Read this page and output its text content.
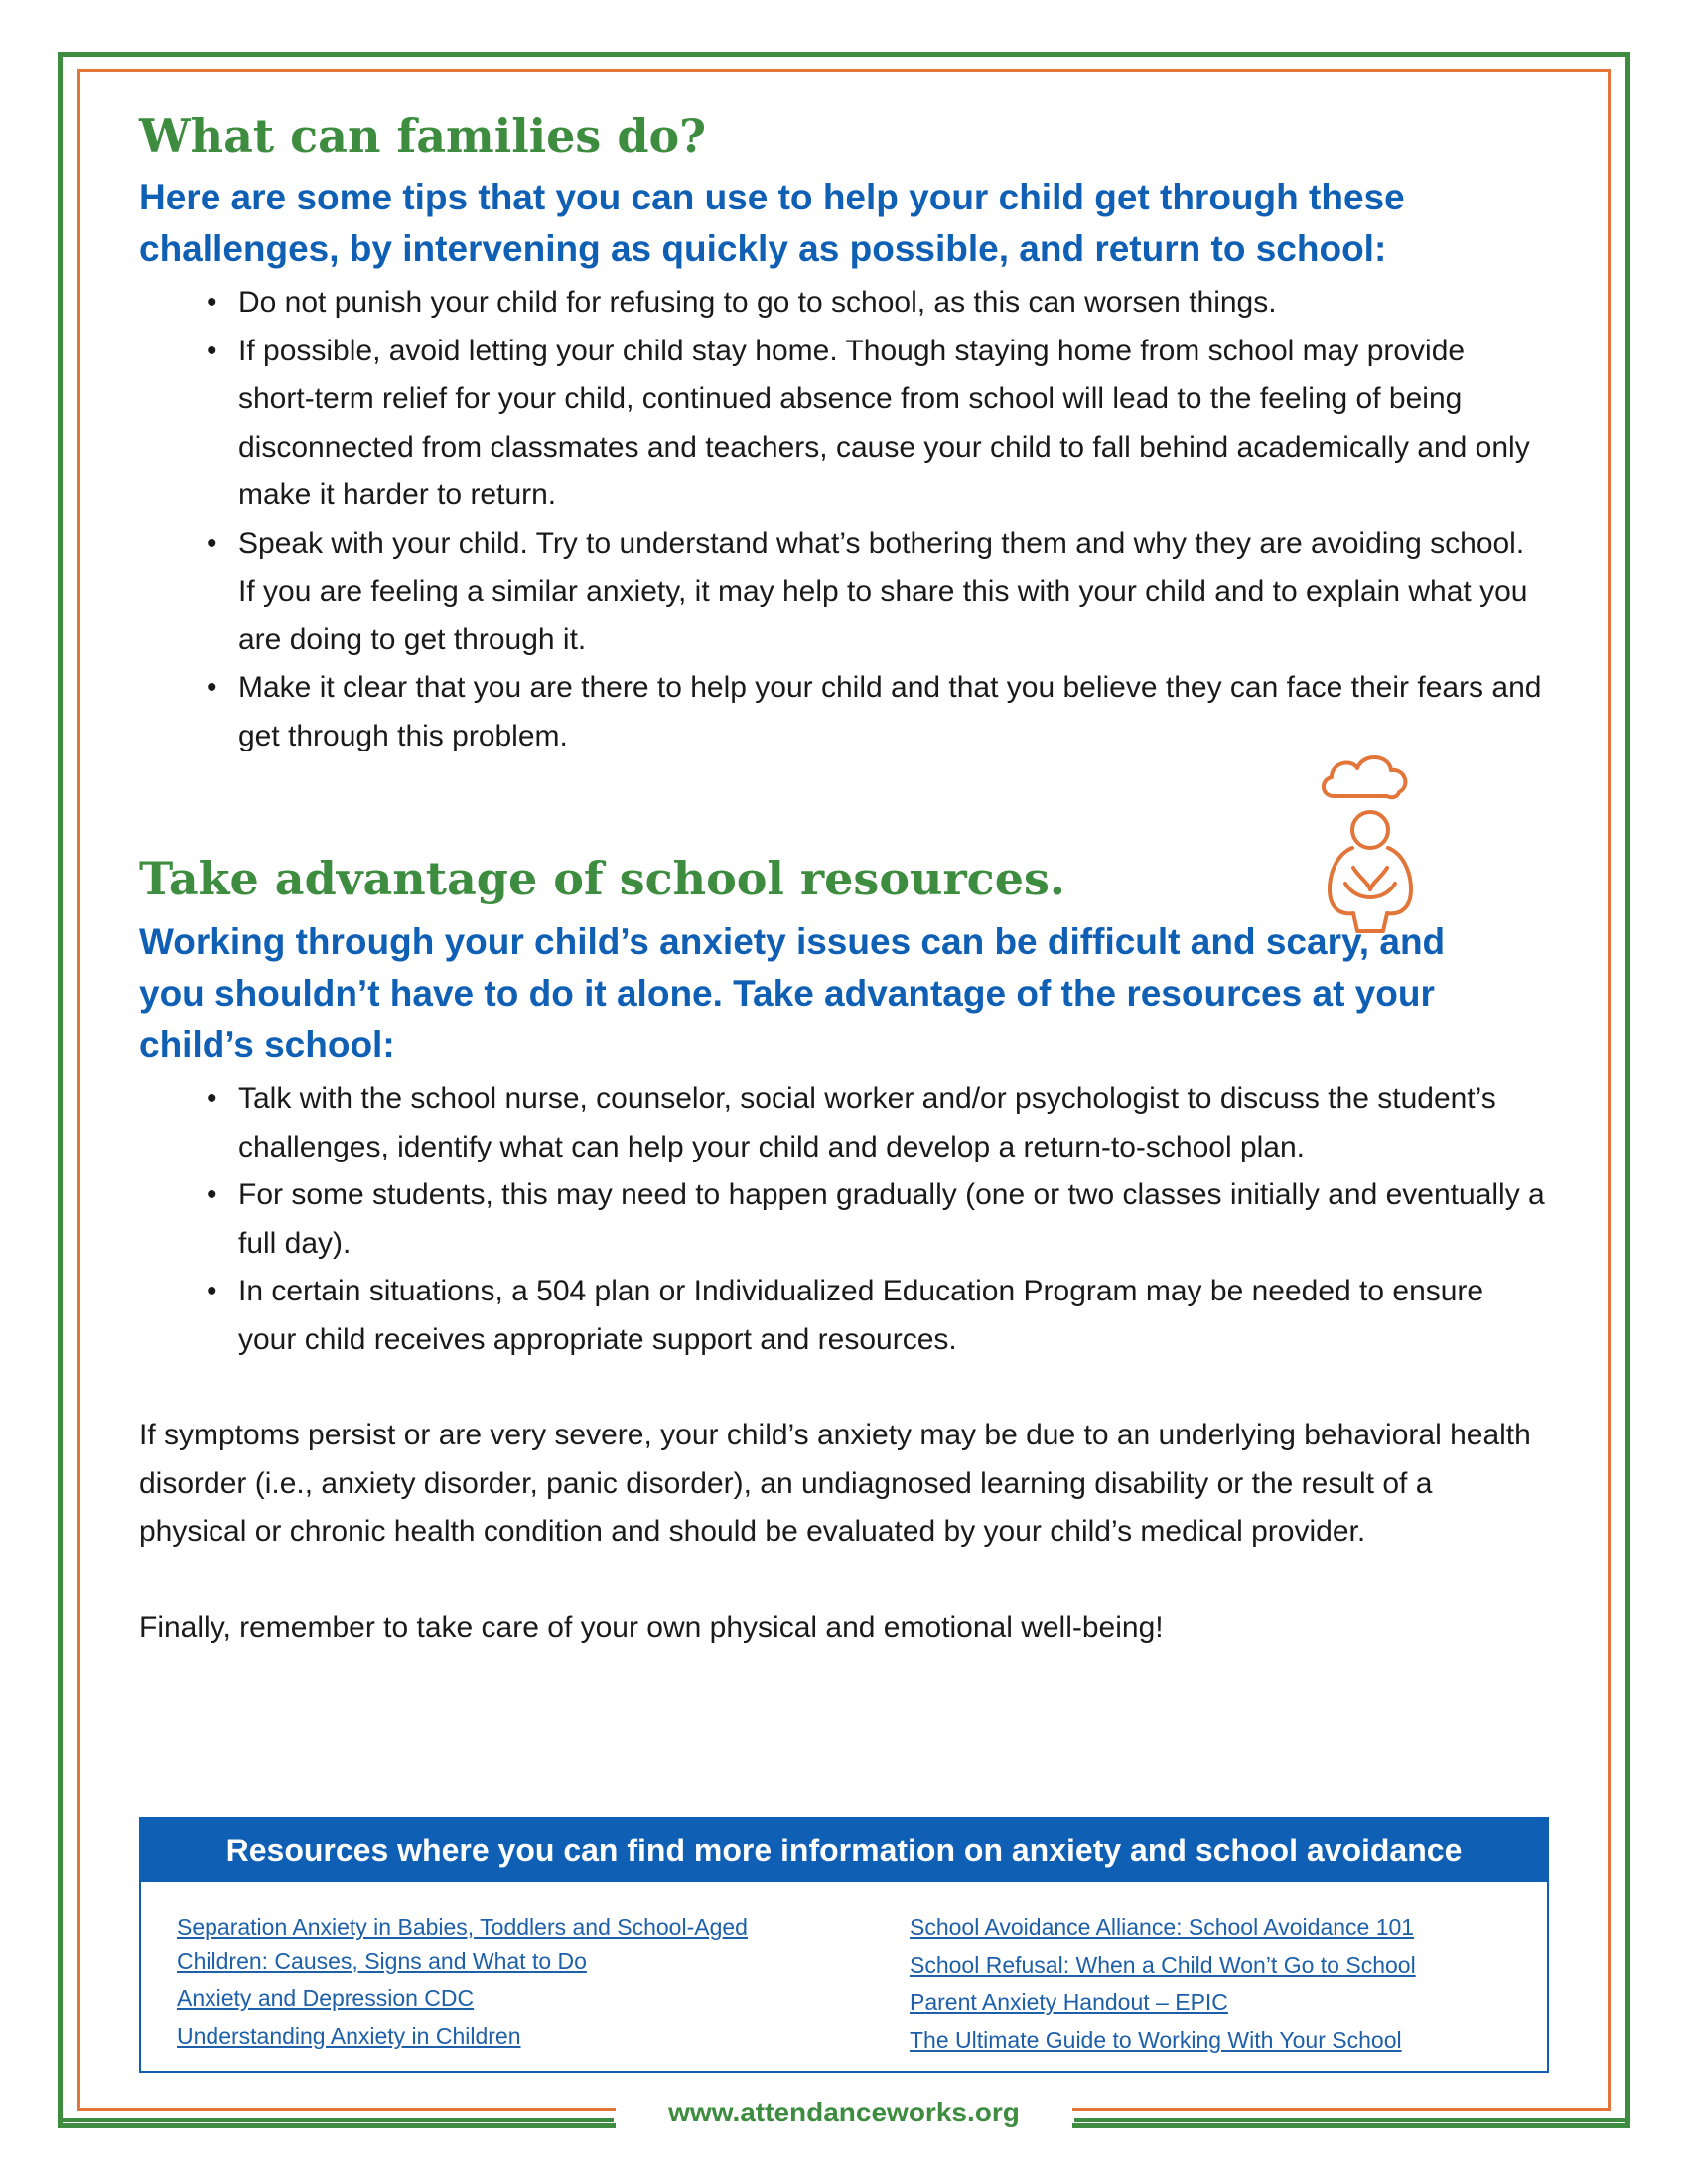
What can families do?

Here are some tips that you can use to help your child get through these challenges, by intervening as quickly as possible, and return to school:

• Do not punish your child for refusing to go to school, as this can worsen things.
• If possible, avoid letting your child stay home. Though staying home from school may provide short-term relief for your child, continued absence from school will lead to the feeling of being disconnected from classmates and teachers, cause your child to fall behind academically and only make it harder to return.
• Speak with your child. Try to understand what’s bothering them and why they are avoiding school. If you are feeling a similar anxiety, it may help to share this with your child and to explain what you are doing to get through it.
• Make it clear that you are there to help your child and that you believe they can face their fears and get through this problem.
Take advantage of school resources.

Working through your child’s anxiety issues can be difficult and scary, and you shouldn’t have to do it alone. Take advantage of the resources at your child’s school:

• Talk with the school nurse, counselor, social worker and/or psychologist to discuss the student’s challenges, identify what can help your child and develop a return-to-school plan.
• For some students, this may need to happen gradually (one or two classes initially and eventually a full day).
• In certain situations, a 504 plan or Individualized Education Program may be needed to ensure your child receives appropriate support and resources.

If symptoms persist or are very severe, your child’s anxiety may be due to an underlying behavioral health disorder (i.e., anxiety disorder, panic disorder), an undiagnosed learning disability or the result of a physical or chronic health condition and should be evaluated by your child’s medical provider.

Finally, remember to take care of your own physical and emotional well-being!

Resources where you can find more information on anxiety and school avoidance
Separation Anxiety in Babies, Toddlers and School-Aged Children: Causes, Signs and What to Do
Anxiety and Depression CDC
Understanding Anxiety in Children
School Avoidance Alliance: School Avoidance 101
School Refusal: When a Child Won’t Go to School
Parent Anxiety Handout – EPIC
The Ultimate Guide to Working With Your School
www.attendanceworks.org
